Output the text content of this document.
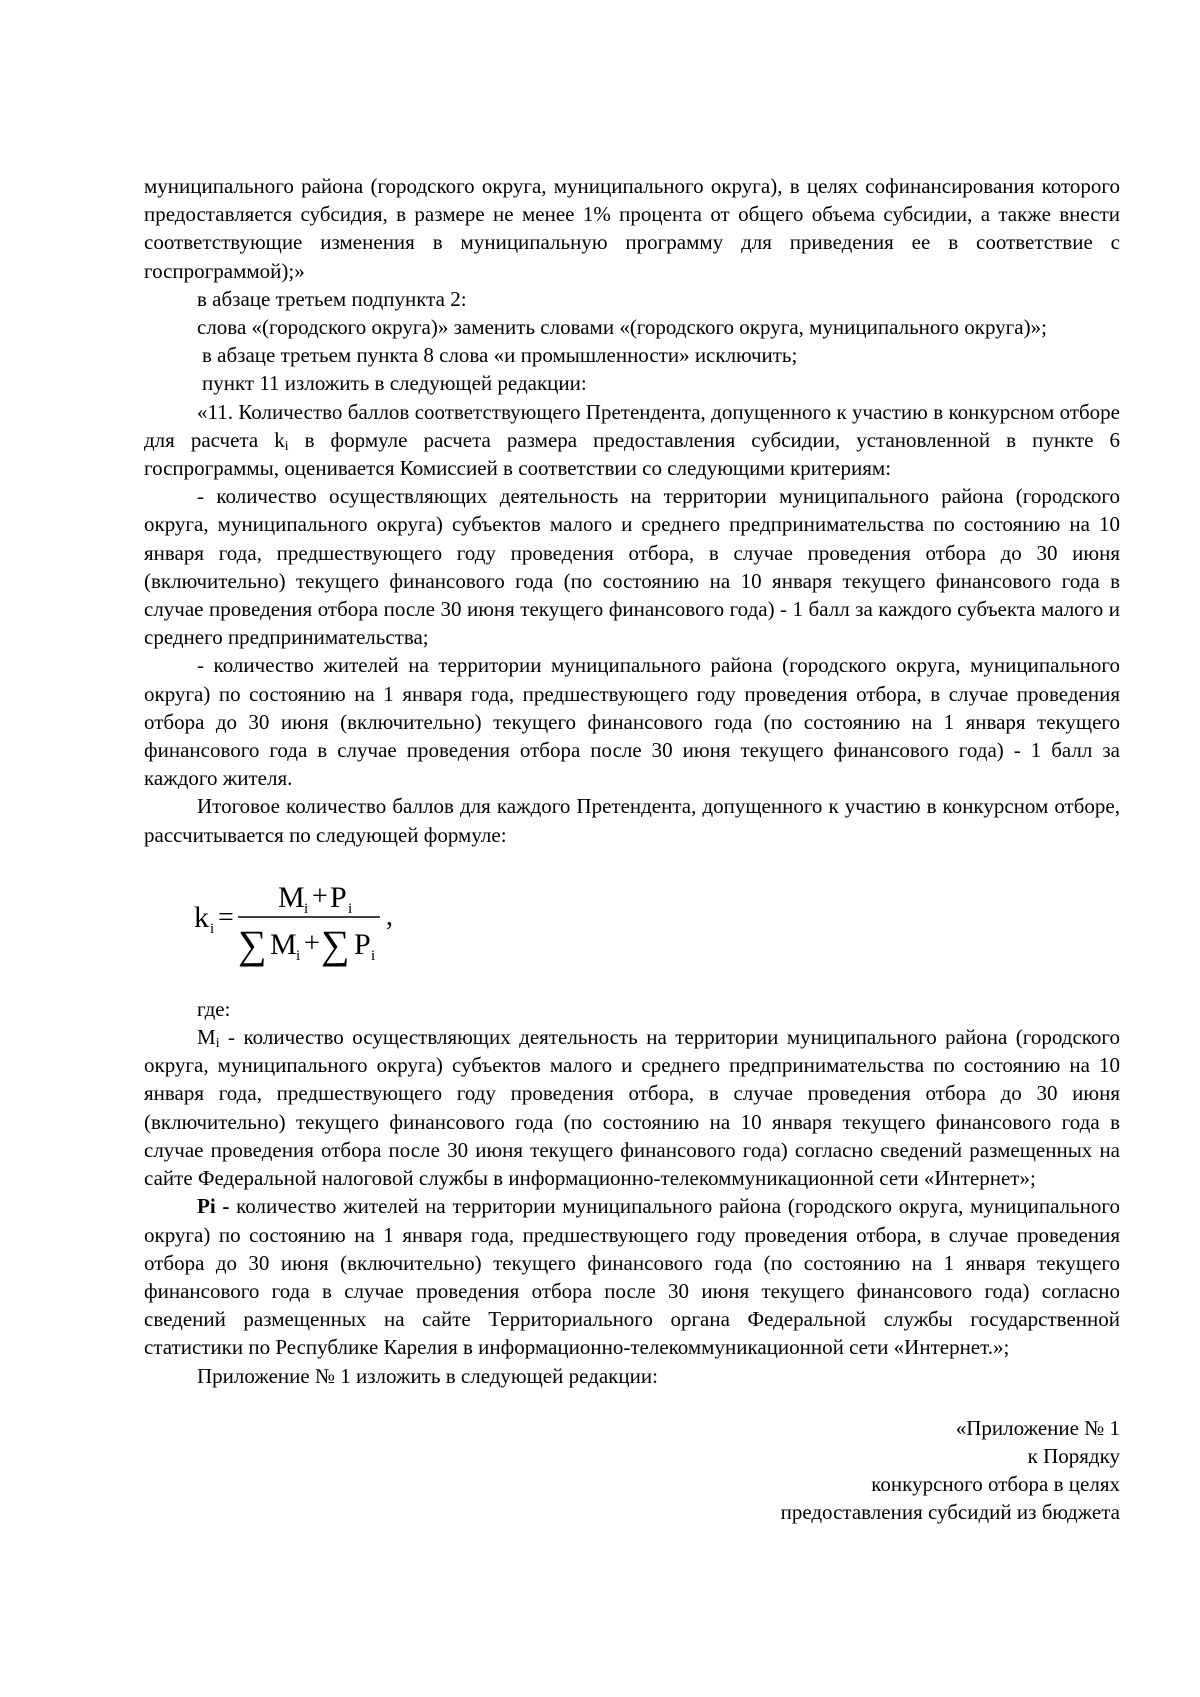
муниципального района (городского округа, муниципального округа), в целях софинансирования которого предоставляется субсидия, в размере не менее 1% процента от общего объема субсидии, а также внести соответствующие изменения в муниципальную программу для приведения ее в соответствие с госпрограммой);»

в абзаце третьем подпункта 2:

слова «(городского округа)» заменить словами «(городского округа, муниципального округа)»;

в абзаце третьем пункта 8 слова «и промышленности» исключить;

пункт 11 изложить в следующей редакции:

«11. Количество баллов соответствующего Претендента, допущенного к участию в конкурсном отборе для расчета $k_i$ в формуле расчета размера предоставления субсидии, установленной в пункте 6 госпрограммы, оценивается Комиссией в соответствии со следующими критериям:

- количество осуществляющих деятельность на территории муниципального района (городского округа, муниципального округа) субъектов малого и среднего предпринимательства по состоянию на 10 января года, предшествующего году проведения отбора, в случае проведения отбора до 30 июня (включительно) текущего финансового года (по состоянию на 10 января текущего финансового года в случае проведения отбора после 30 июня текущего финансового года) - 1 балл за каждого субъекта малого и среднего предпринимательства;

- количество жителей на территории муниципального района (городского округа, муниципального округа) по состоянию на 1 января года, предшествующего году проведения отбора, в случае проведения отбора до 30 июня (включительно) текущего финансового года (по состоянию на 1 января текущего финансового года в случае проведения отбора после 30 июня текущего финансового года) - 1 балл за каждого жителя.

Итоговое количество баллов для каждого Претендента, допущенного к участию в конкурсном отборе, рассчитывается по следующей формуле:

k i =
M i + P i
∑ M i + ∑ P i
,

где:

$M_i$ - количество осуществляющих деятельность на территории муниципального района (городского округа, муниципального округа) субъектов малого и среднего предпринимательства по состоянию на 10 января года, предшествующего году проведения отбора, в случае проведения отбора до 30 июня (включительно) текущего финансового года (по состоянию на 10 января текущего финансового года в случае проведения отбора после 30 июня текущего финансового года) согласно сведений размещенных на сайте Федеральной налоговой службы в информационно-телекоммуникационной сети «Интернет»;

Pi - количество жителей на территории муниципального района (городского округа, муниципального округа) по состоянию на 1 января года, предшествующего году проведения отбора, в случае проведения отбора до 30 июня (включительно) текущего финансового года (по состоянию на 1 января текущего финансового года в случае проведения отбора после 30 июня текущего финансового года) согласно сведений размещенных на сайте Территориального органа Федеральной службы государственной статистики по Республике Карелия в информационно-телекоммуникационной сети «Интернет.»;

Приложение № 1 изложить в следующей редакции:

«Приложение № 1
к Порядку
конкурсного отбора в целях
предоставления субсидий из бюджета
